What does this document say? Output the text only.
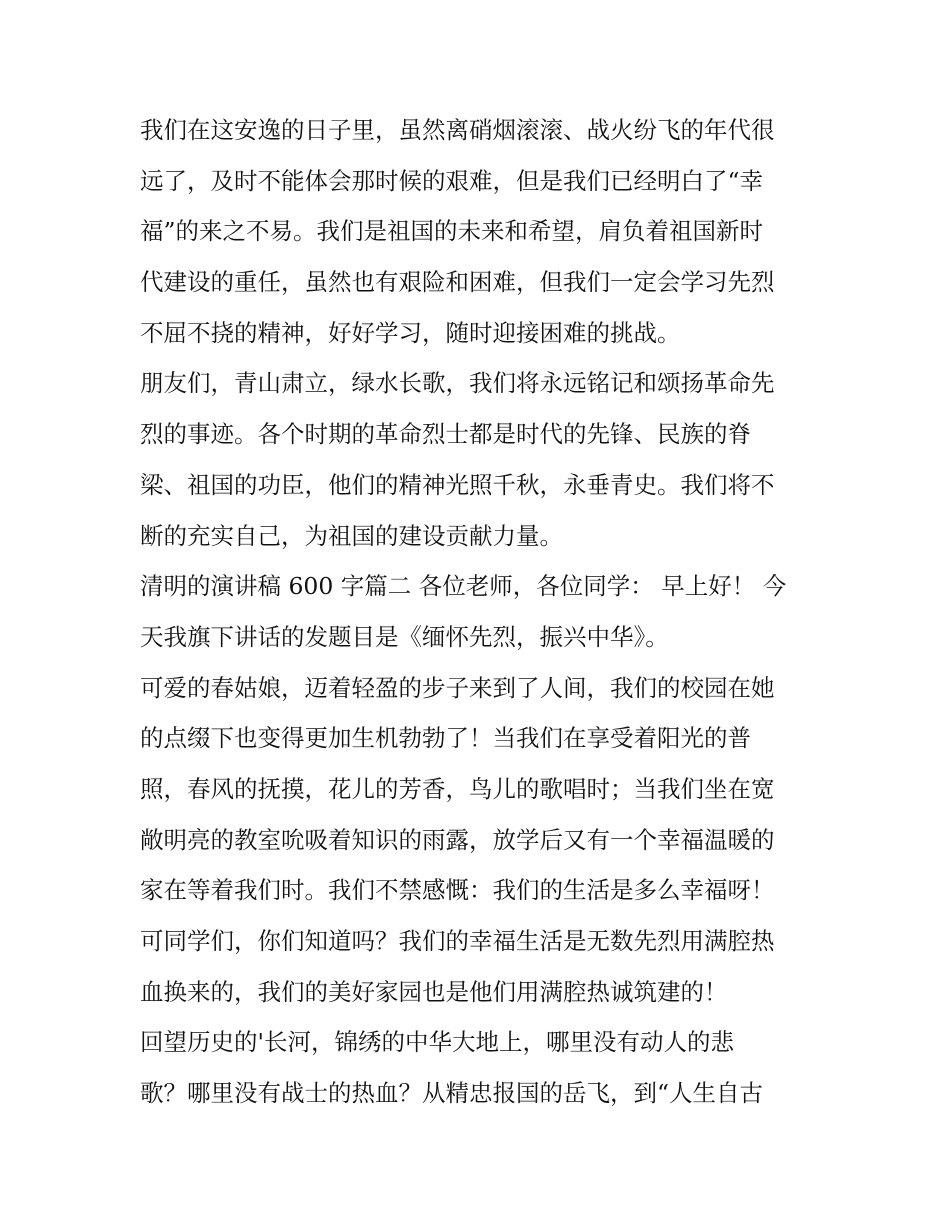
我们在这安逸的日子里，虽然离硝烟滚滚、战火纷飞的年代很

远了，及时不能体会那时候的艰难，但是我们已经明白了“幸

福”的来之不易。我们是祖国的未来和希望，肩负着祖国新时

代建设的重任，虽然也有艰险和困难，但我们一定会学习先烈

不屈不挠的精神，好好学习，随时迎接困难的挑战。

朋友们，青山肃立，绿水长歌，我们将永远铭记和颂扬革命先

烈的事迹。各个时期的革命烈士都是时代的先锋、民族的脊

梁、祖国的功臣，他们的精神光照千秋，永垂青史。我们将不

断的充实自己，为祖国的建设贡献力量。

清明的演讲稿 600 字篇二 各位老师，各位同学： 早上好！ 今

天我旗下讲话的发题目是《缅怀先烈，振兴中华》。

可爱的春姑娘，迈着轻盈的步子来到了人间，我们的校园在她

的点缀下也变得更加生机勃勃了！当我们在享受着阳光的普

照，春风的抚摸，花儿的芳香，鸟儿的歌唱时；当我们坐在宽

敞明亮的教室吮吸着知识的雨露，放学后又有一个幸福温暖的

家在等着我们时。我们不禁感慨：我们的生活是多么幸福呀！

可同学们，你们知道吗？我们的幸福生活是无数先烈用满腔热

血换来的，我们的美好家园也是他们用满腔热诚筑建的！

回望历史的'长河，锦绣的中华大地上，哪里没有动人的悲

歌？哪里没有战士的热血？从精忠报国的岳飞，到“人生自古
